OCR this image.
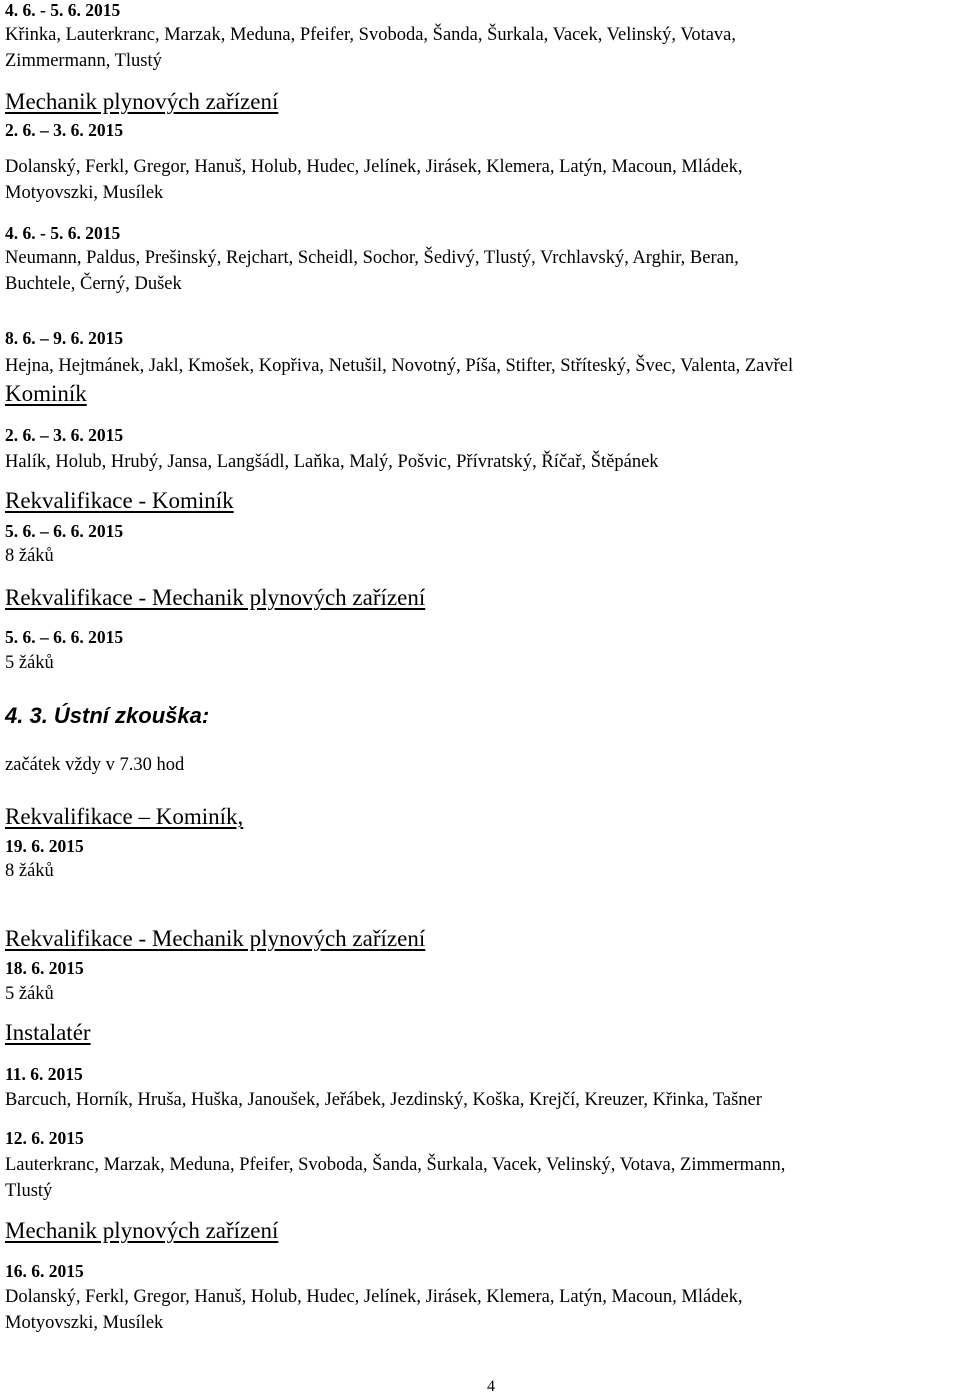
4. 6. - 5. 6. 2015
Křinka, Lauterkranc, Marzak, Meduna, Pfeifer, Svoboda, Šanda, Šurkala, Vacek, Velinský, Votava,
Zimmermann, Tlustý
Mechanik plynových zařízení
2. 6. – 3. 6. 2015
Dolanský, Ferkl, Gregor, Hanuš, Holub, Hudec, Jelínek, Jirásek, Klemera, Latýn, Macoun, Mládek,
Motyovszki, Musílek
4. 6. - 5. 6. 2015
Neumann, Paldus, Prešinský, Rejchart, Scheidl, Sochor, Šedivý, Tlustý, Vrchlavský, Arghir, Beran,
Buchtele, Černý, Dušek
8. 6. – 9. 6. 2015
Hejna, Hejtmánek, Jakl, Kmošek, Kopřiva, Netušil, Novotný, Píša, Stifter, Stříteský, Švec, Valenta, Zavřel
Kominík
2. 6. – 3. 6. 2015
Halík, Holub, Hrubý, Jansa, Langšádl, Laňka, Malý, Pošvic, Přívratský, Říčař, Štěpánek
Rekvalifikace - Kominík
5. 6. – 6. 6. 2015
8 žáků
Rekvalifikace - Mechanik plynových zařízení
5. 6. – 6. 6. 2015
5 žáků
4. 3. Ústní zkouška:
začátek vždy v 7.30 hod
Rekvalifikace – Kominík,
19. 6. 2015
8 žáků
Rekvalifikace - Mechanik plynových zařízení
18. 6. 2015
5 žáků
Instalatér
11. 6. 2015
Barcuch, Horník, Hruša, Huška, Janoušek, Jeřábek, Jezdinský, Koška, Krejčí, Kreuzer, Křinka, Tašner
12. 6. 2015
Lauterkranc, Marzak, Meduna, Pfeifer, Svoboda, Šanda, Šurkala, Vacek, Velinský, Votava, Zimmermann,
Tlustý
Mechanik plynových zařízení
16. 6. 2015
Dolanský, Ferkl, Gregor, Hanuš, Holub, Hudec, Jelínek, Jirásek, Klemera, Latýn, Macoun, Mládek,
Motyovszki, Musílek
4
